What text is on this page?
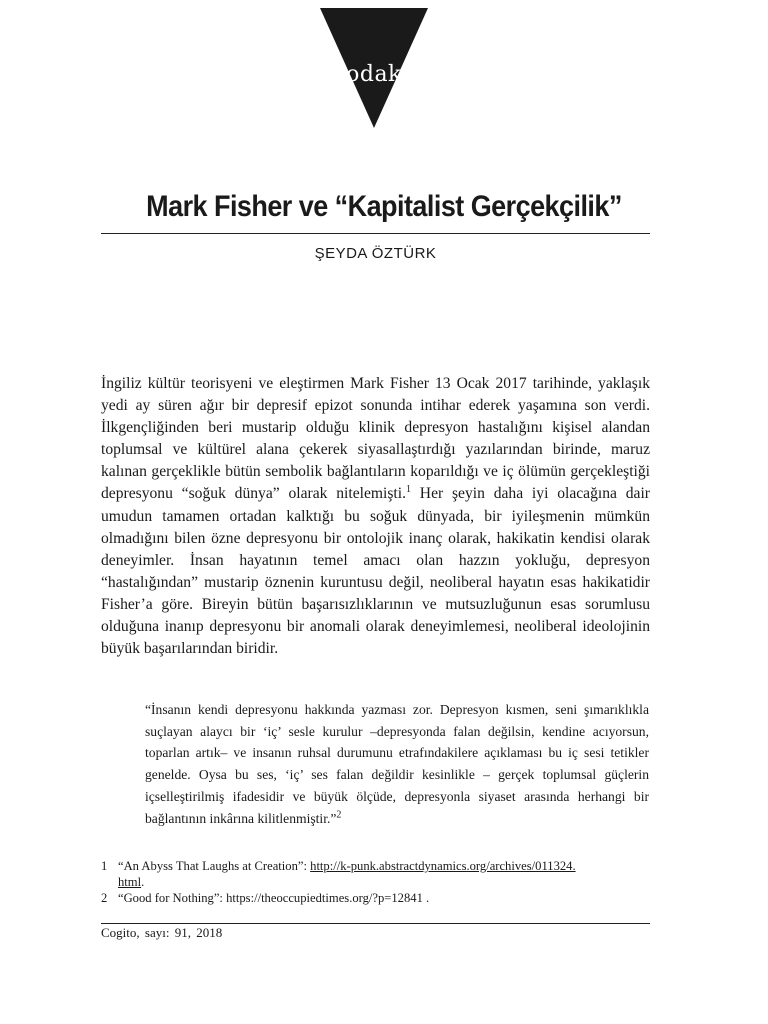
odak
Mark Fisher ve “Kapitalist Gerçekçilik”
ŞEYDA ÖZTÜRK

İngiliz kültür teorisyeni ve eleştirmen Mark Fisher 13 Ocak 2017 tarihinde, yaklaşık yedi ay süren ağır bir depresif epizot sonunda intihar ederek yaşamına son verdi. İlkgençliğinden beri mustarip olduğu klinik depresyon hastalığını kişisel alandan toplumsal ve kültürel alana çekerek siyasallaştırdığı yazılarından birinde, maruz kalınan gerçeklikle bütün sembolik bağlantıların koparıldığı ve iç ölümün gerçekleştiği depresyonu “soğuk dünya” olarak nitelemişti.$^1$ Her şeyin daha iyi olacağına dair umudun tamamen ortadan kalktığı bu soğuk dünyada, bir iyileşmenin mümkün olmadığını bilen özne depresyonu bir ontolojik inanç olarak, hakikatin kendisi olarak deneyimler. İnsan hayatının temel amacı olan hazzın yokluğu, depresyon “hastalığından” mustarip öznenin kuruntusu değil, neoliberal hayatın esas hakikatidir Fisher’a göre. Bireyin bütün başarısızlıklarının ve mutsuzluğunun esas sorumlusu olduğuna inanıp depresyonu bir anomali olarak deneyimlemesi, neoliberal ideolojinin büyük başarılarından biridir.

“İnsanın kendi depresyonu hakkında yazması zor. Depresyon kısmen, seni şımarıklıkla suçlayan alaycı bir ‘iç’ sesle kurulur –depresyonda falan değilsin, kendine acıyorsun, toparlan artık– ve insanın ruhsal durumunu etrafındakilere açıklaması bu iç sesi tetikler genelde. Oysa bu ses, ‘iç’ ses falan değildir kesinlikle – gerçek toplumsal güçlerin içselleştirilmiş ifadesidir ve büyük ölçüde, depresyonla siyaset arasında herhangi bir bağlantının inkârına kilitlenmiştir.”$^2$

1 “An Abyss That Laughs at Creation”: http://k-punk.abstractdynamics.org/archives/011324.
html.
2 “Good for Nothing”: https://theoccupiedtimes.org/?p=12841 .
Cogito, sayı: 91, 2018
